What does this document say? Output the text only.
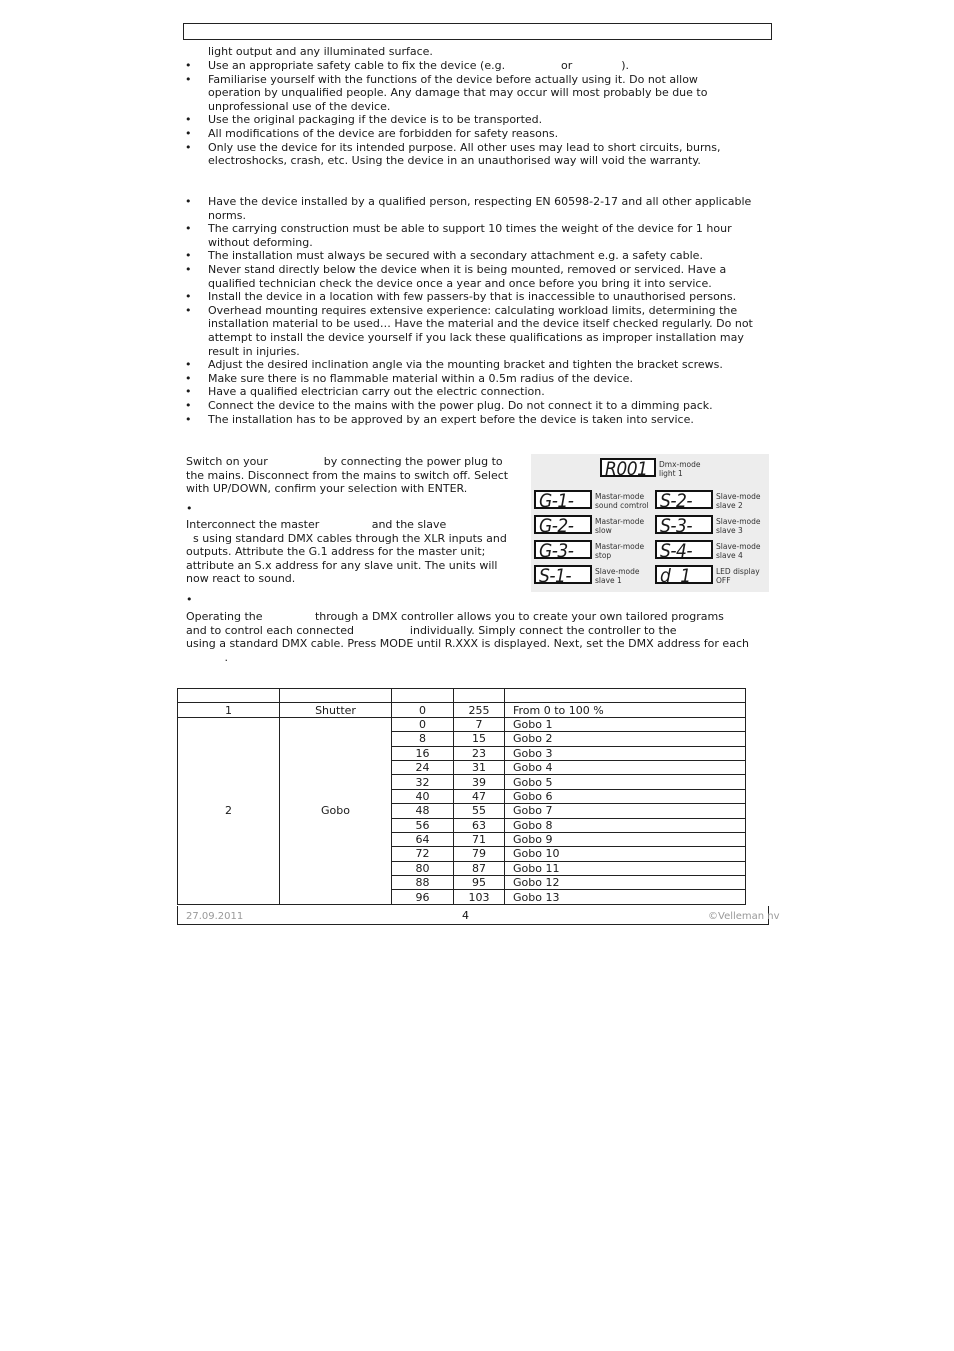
light output and any illuminated surface.
• Use an appropriate safety cable to fix the device (e.g.                or              ).
• Familiarise yourself with the functions of the device before actually using it. Do not allow
operation by unqualified people. Any damage that may occur will most probably be due to
unprofessional use of the device.
• Use the original packaging if the device is to be transported.
• All modifications of the device are forbidden for safety reasons.
• Only use the device for its intended purpose. All other uses may lead to short circuits, burns,
electroshocks, crash, etc. Using the device in an unauthorised way will void the warranty.
• Have the device installed by a qualified person, respecting EN 60598-2-17 and all other applicable
norms.
• The carrying construction must be able to support 10 times the weight of the device for 1 hour
without deforming.
• The installation must always be secured with a secondary attachment e.g. a safety cable.
• Never stand directly below the device when it is being mounted, removed or serviced. Have a
qualified technician check the device once a year and once before you bring it into service.
• Install the device in a location with few passers-by that is inaccessible to unauthorised persons.
• Overhead mounting requires extensive experience: calculating workload limits, determining the
installation material to be used… Have the material and the device itself checked regularly. Do not
attempt to install the device yourself if you lack these qualifications as improper installation may
result in injuries.
• Adjust the desired inclination angle via the mounting bracket and tighten the bracket screws.
• Make sure there is no flammable material within a 0.5m radius of the device.
• Have a qualified electrician carry out the electric connection.
• Connect the device to the mains with the power plug. Do not connect it to a dimming pack.
• The installation has to be approved by an expert before the device is taken into service.
Switch on your                by connecting the power plug to
the mains. Disconnect from the mains to switch off. Select
with UP/DOWN, confirm your selection with ENTER.
•
Interconnect the master               and the slave
s using standard DMX cables through the XLR inputs and
outputs. Attribute the G.1 address for the master unit;
attribute an S.x address for any slave unit. The units will
now react to sound.
•
Operating the               through a DMX controller allows you to create your own tailored programs
and to control each connected                individually. Simply connect the controller to the
using a standard DMX cable. Press MODE until R.XXX is displayed. Next, set the DMX address for each
.
R001	Dmx-mode
light 1
G-1-	Mastar-mode
sound comtrol S-2-	Slave-mode
slave 2
G-2-	Mastar-mode
slow	S-3-	Slave-mode
slave 3
G-3-	Mastar-mode
stop	S-4-	Slave-mode
slave 4
S-1-	Slave-mode
slave 1	d  1	LED display
OFF

1	Shutter	0	255	From 0 to 100 %
2	Gobo	0	7	Gobo 1
		8	15	Gobo 2
		16	23	Gobo 3
		24	31	Gobo 4
		32	39	Gobo 5
		40	47	Gobo 6
		48	55	Gobo 7
		56	63	Gobo 8
		64	71	Gobo 9
		72	79	Gobo 10
		80	87	Gobo 11
		88	95	Gobo 12
		96	103	Gobo 13
27.09.2011	4	©Velleman nv
